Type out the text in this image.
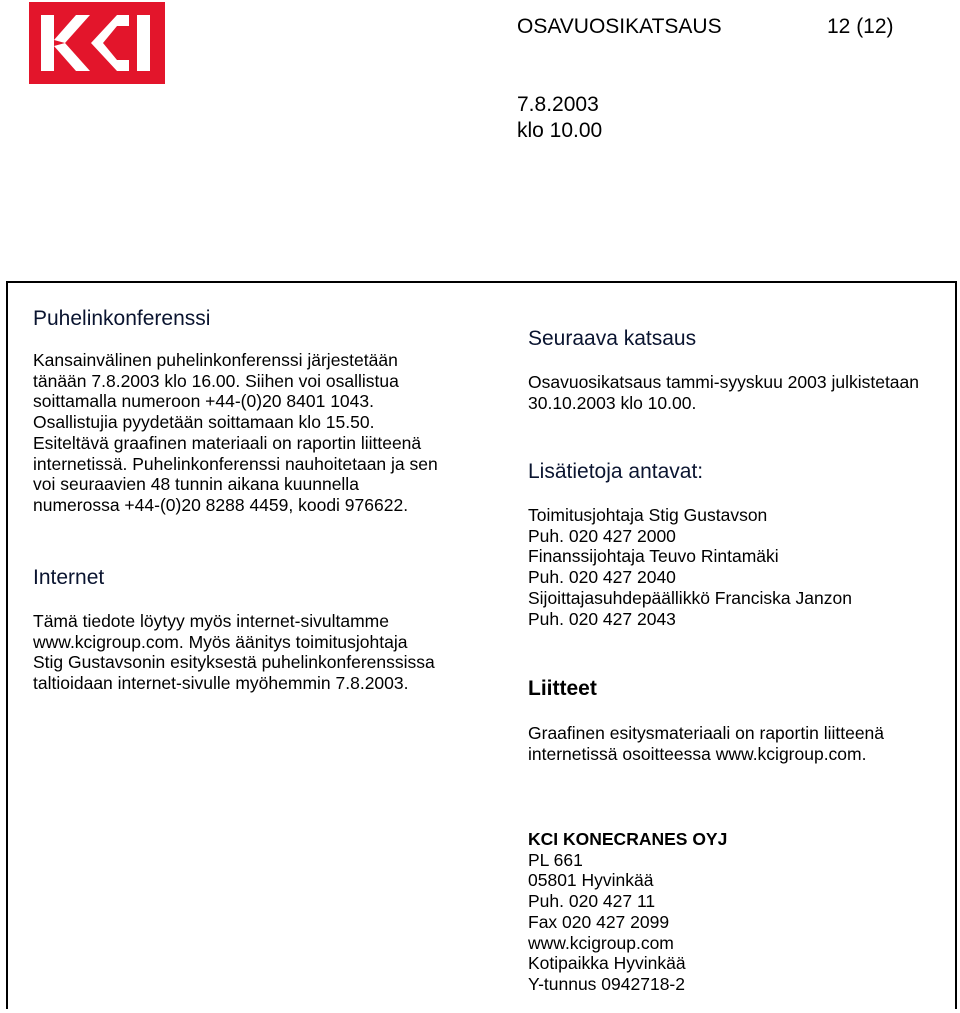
OSAVUOSIKATSAUS	12 (12)
7.8.2003
klo 10.00
Puhelinkonferenssi
Kansainvälinen puhelinkonferenssi järjestetään
tänään 7.8.2003 klo 16.00. Siihen voi osallistua
soittamalla numeroon +44-(0)20 8401 1043.
Osallistujia pyydetään soittamaan klo 15.50.
Esiteltävä graafinen materiaali on raportin liitteenä
internetissä. Puhelinkonferenssi nauhoitetaan ja sen
voi seuraavien 48 tunnin aikana kuunnella
numerossa +44-(0)20 8288 4459, koodi 976622.
Internet
Tämä tiedote löytyy myös internet-sivultamme
www.kcigroup.com. Myös äänitys toimitusjohtaja
Stig Gustavsonin esityksestä puhelinkonferenssissa
taltioidaan internet-sivulle myöhemmin 7.8.2003.
Seuraava katsaus
Osavuosikatsaus tammi-syyskuu 2003 julkistetaan
30.10.2003 klo 10.00.
Lisätietoja antavat:
Toimitusjohtaja Stig Gustavson
Puh. 020 427 2000
Finanssijohtaja Teuvo Rintamäki
Puh. 020 427 2040
Sijoittajasuhdepäällikkö Franciska Janzon
Puh. 020 427 2043
Liitteet
Graafinen esitysmateriaali on raportin liitteenä
internetissä osoitteessa www.kcigroup.com.
KCI KONECRANES OYJ
PL 661
05801 Hyvinkää
Puh. 020 427 11
Fax 020 427 2099
www.kcigroup.com
Kotipaikka Hyvinkää
Y-tunnus 0942718-2
